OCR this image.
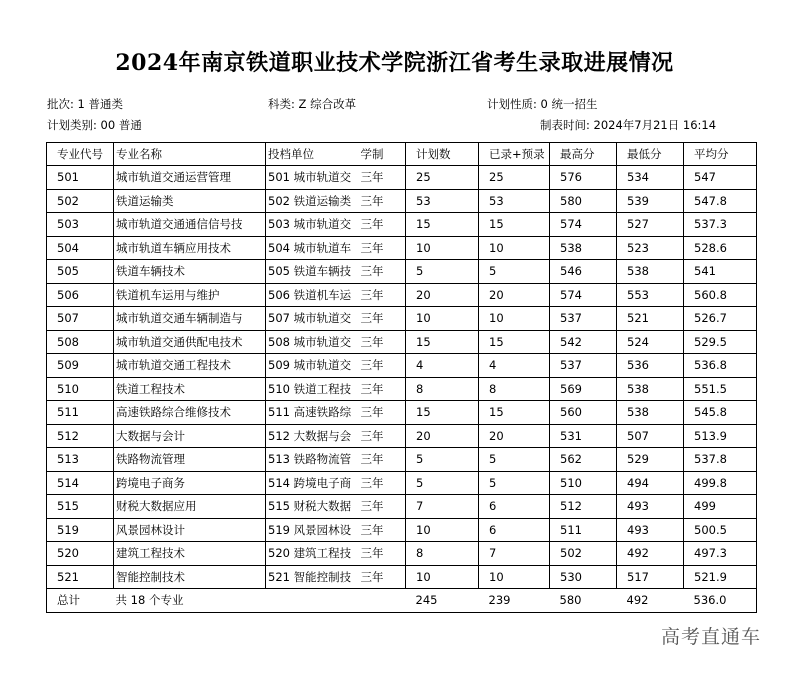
2024年南京铁道职业技术学院浙江省考生录取进展情况
批次: 1 普通类	科类: Z 综合改革	计划性质: 0 统一招生
计划类别: 00 普通	制表时间: 2024年7月21日 16:14
专业代号	专业名称	投档单位	学制	计划数	已录+预录	最高分	最低分	平均分
501	城市轨道交通运营管理	501 城市轨道交	三年	25	25	576	534	547
502	铁道运输类	502 铁道运输类	三年	53	53	580	539	547.8
503	城市轨道交通通信信号技	503 城市轨道交	三年	15	15	574	527	537.3
504	城市轨道车辆应用技术	504 城市轨道车	三年	10	10	538	523	528.6
505	铁道车辆技术	505 铁道车辆技	三年	5	5	546	538	541
506	铁道机车运用与维护	506 铁道机车运	三年	20	20	574	553	560.8
507	城市轨道交通车辆制造与	507 城市轨道交	三年	10	10	537	521	526.7
508	城市轨道交通供配电技术	508 城市轨道交	三年	15	15	542	524	529.5
509	城市轨道交通工程技术	509 城市轨道交	三年	4	4	537	536	536.8
510	铁道工程技术	510 铁道工程技	三年	8	8	569	538	551.5
511	高速铁路综合维修技术	511 高速铁路综	三年	15	15	560	538	545.8
512	大数据与会计	512 大数据与会	三年	20	20	531	507	513.9
513	铁路物流管理	513 铁路物流管	三年	5	5	562	529	537.8
514	跨境电子商务	514 跨境电子商	三年	5	5	510	494	499.8
515	财税大数据应用	515 财税大数据	三年	7	6	512	493	499
519	风景园林设计	519 风景园林设	三年	10	6	511	493	500.5
520	建筑工程技术	520 建筑工程技	三年	8	7	502	492	497.3
521	智能控制技术	521 智能控制技	三年	10	10	530	517	521.9
总计	共 18 个专业			245	239	580	492	536.0
高考直通车
